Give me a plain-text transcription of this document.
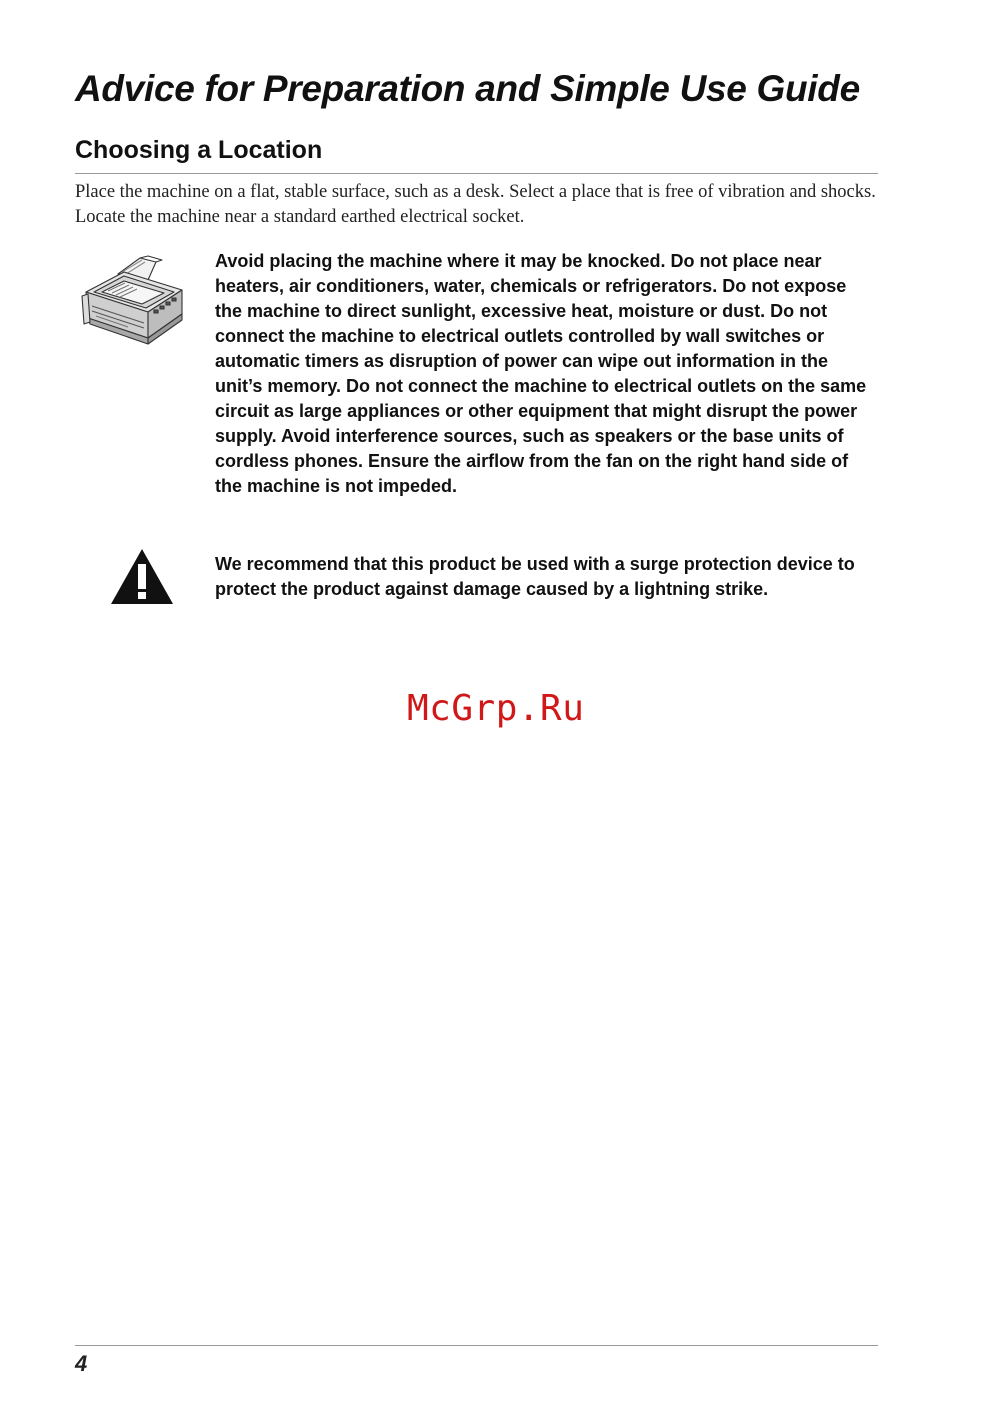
Advice for Preparation and Simple Use Guide
Choosing a Location

Place the machine on a flat, stable surface, such as a desk. Select a place that is free of vibration and shocks. Locate the machine near a standard earthed electrical socket.

Avoid placing the machine where it may be knocked. Do not place near heaters, air conditioners, water, chemicals or refrigerators. Do not expose the machine to direct sunlight, excessive heat, moisture or dust. Do not connect the machine to electrical outlets controlled by wall switches or automatic timers as disruption of power can wipe out information in the unit’s memory. Do not connect the machine to electrical outlets on the same circuit as large appliances or other equipment that might disrupt the power supply. Avoid interference sources, such as speakers or the base units of cordless phones. Ensure the airflow from the fan on the right hand side of the machine is not impeded.

We recommend that this product be used with a surge protection device to protect the product against damage caused by a lightning strike.

McGrp.Ru
4
